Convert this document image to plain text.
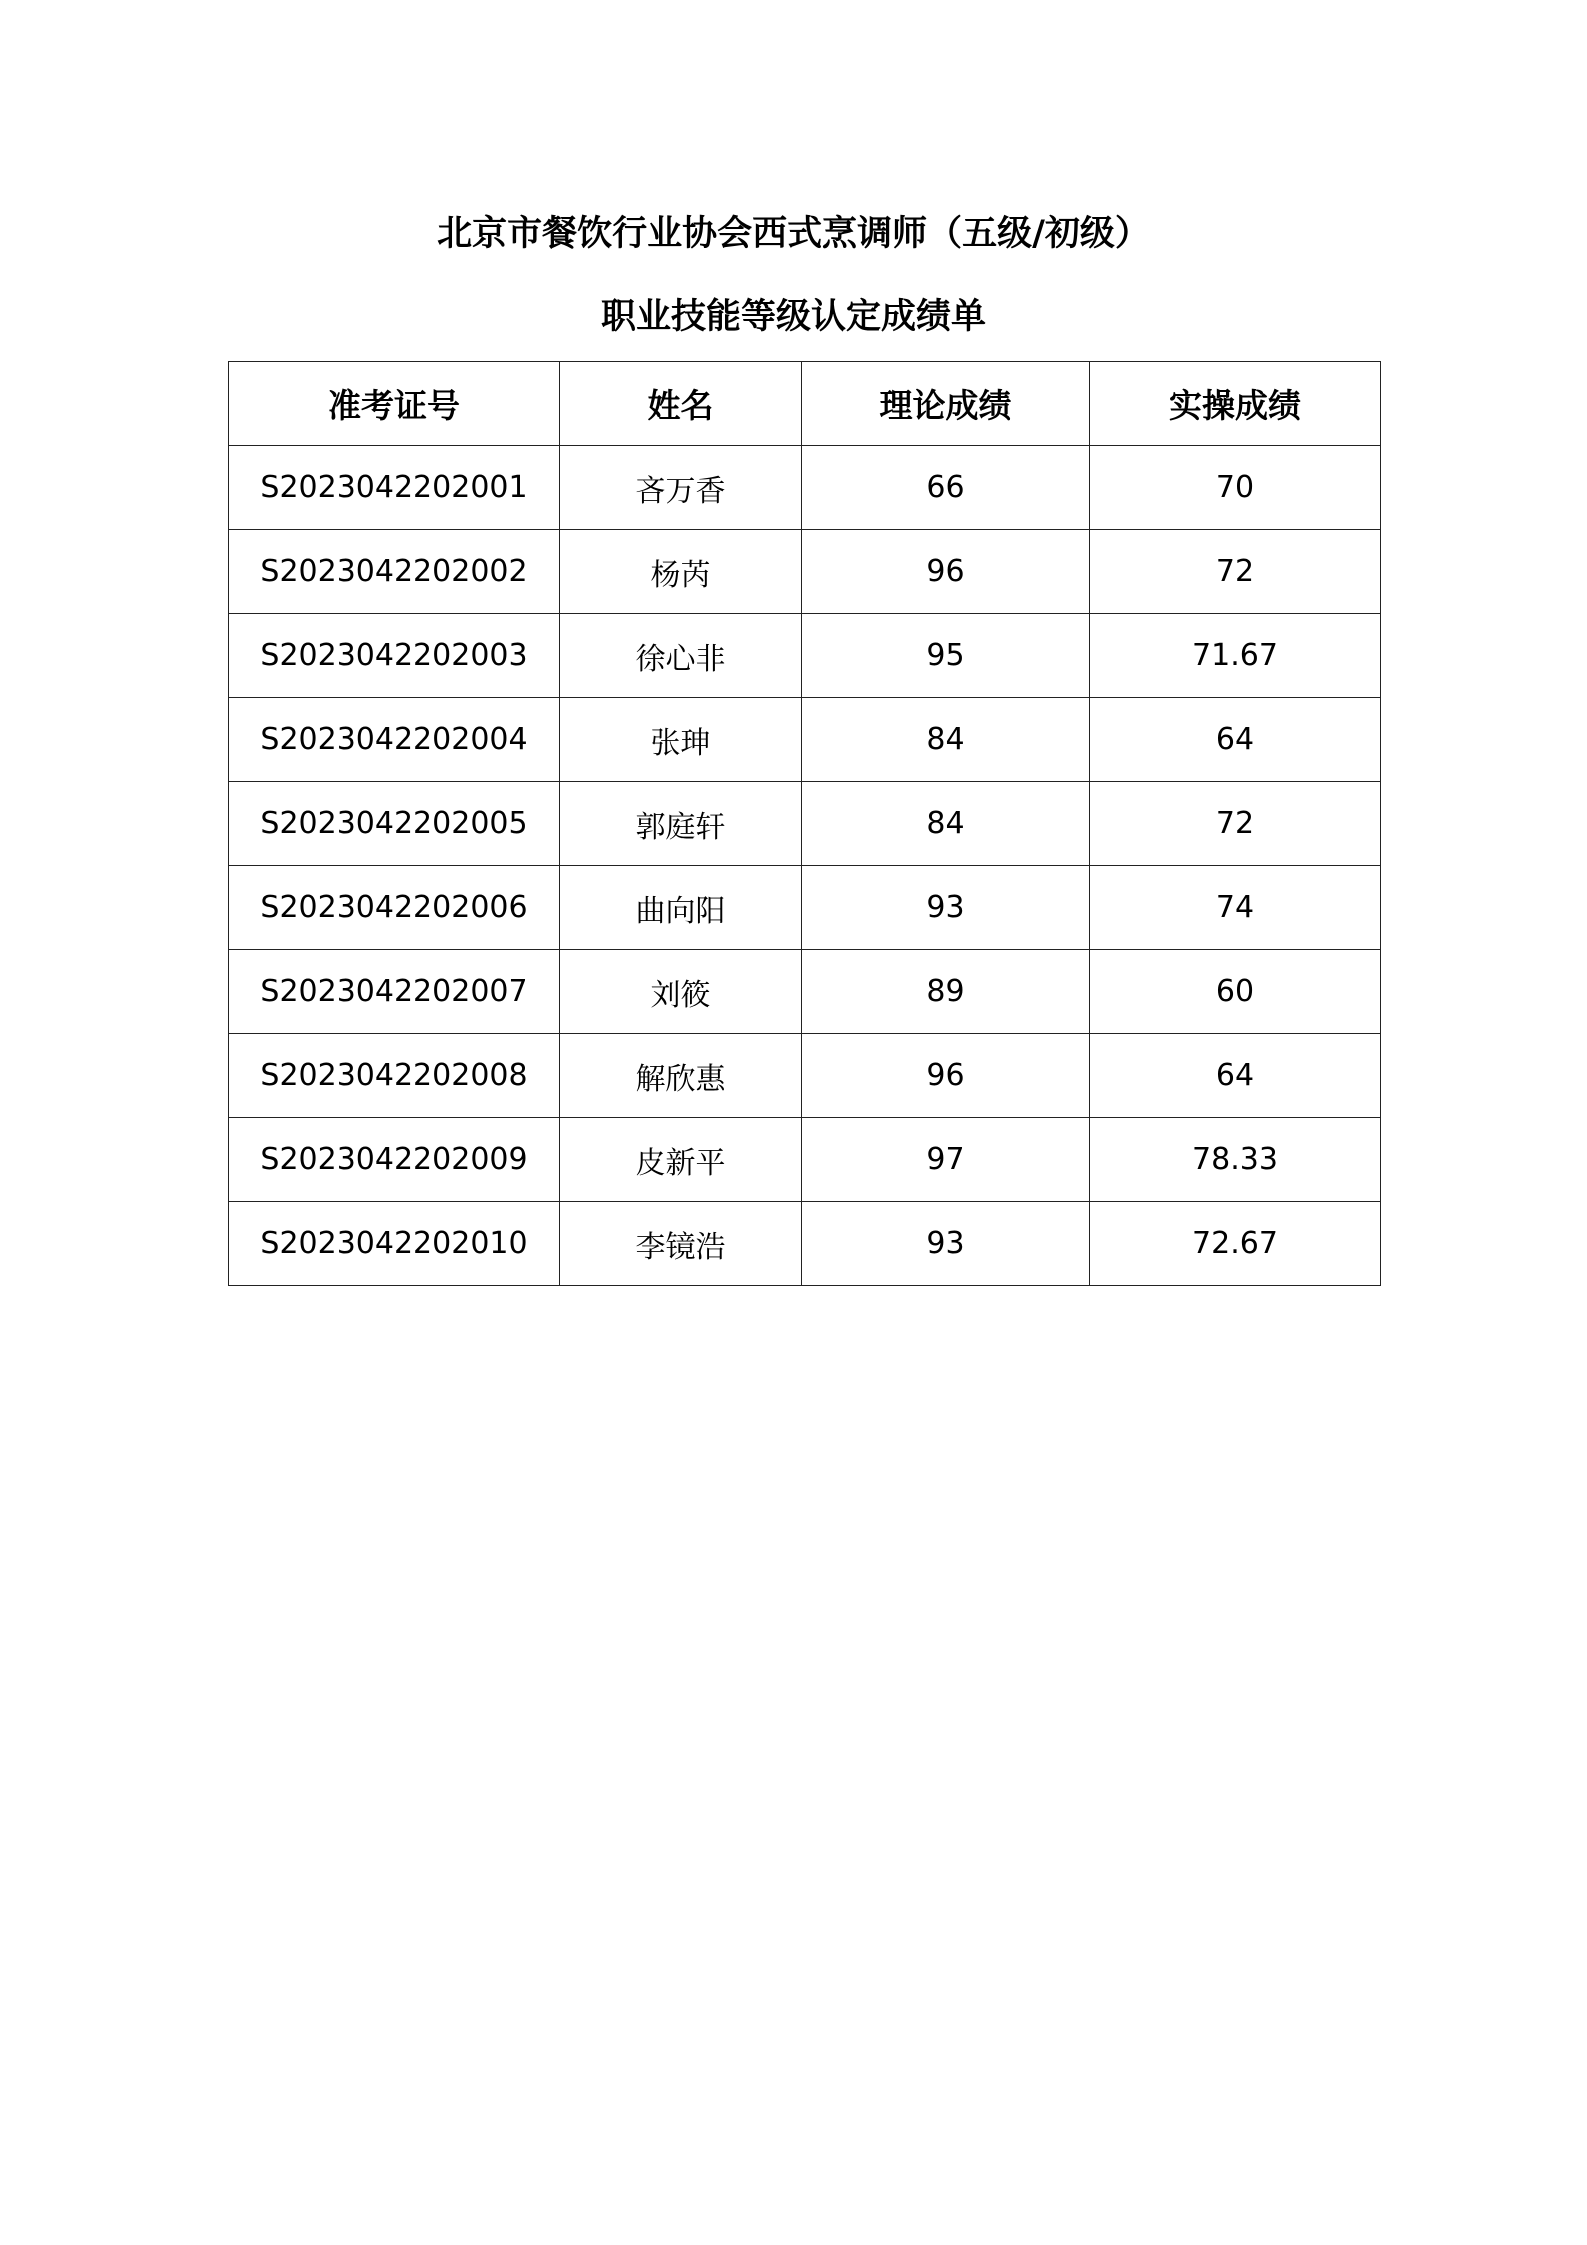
北京市餐饮行业协会西式烹调师（五级/初级）
职业技能等级认定成绩单
准考证号	姓名	理论成绩	实操成绩
S2023042202001	吝万香	66	70
S2023042202002	杨芮	96	72
S2023042202003	徐心非	95	71.67
S2023042202004	张珅	84	64
S2023042202005	郭庭轩	84	72
S2023042202006	曲向阳	93	74
S2023042202007	刘筱	89	60
S2023042202008	解欣惠	96	64
S2023042202009	皮新平	97	78.33
S2023042202010	李镜浩	93	72.67
